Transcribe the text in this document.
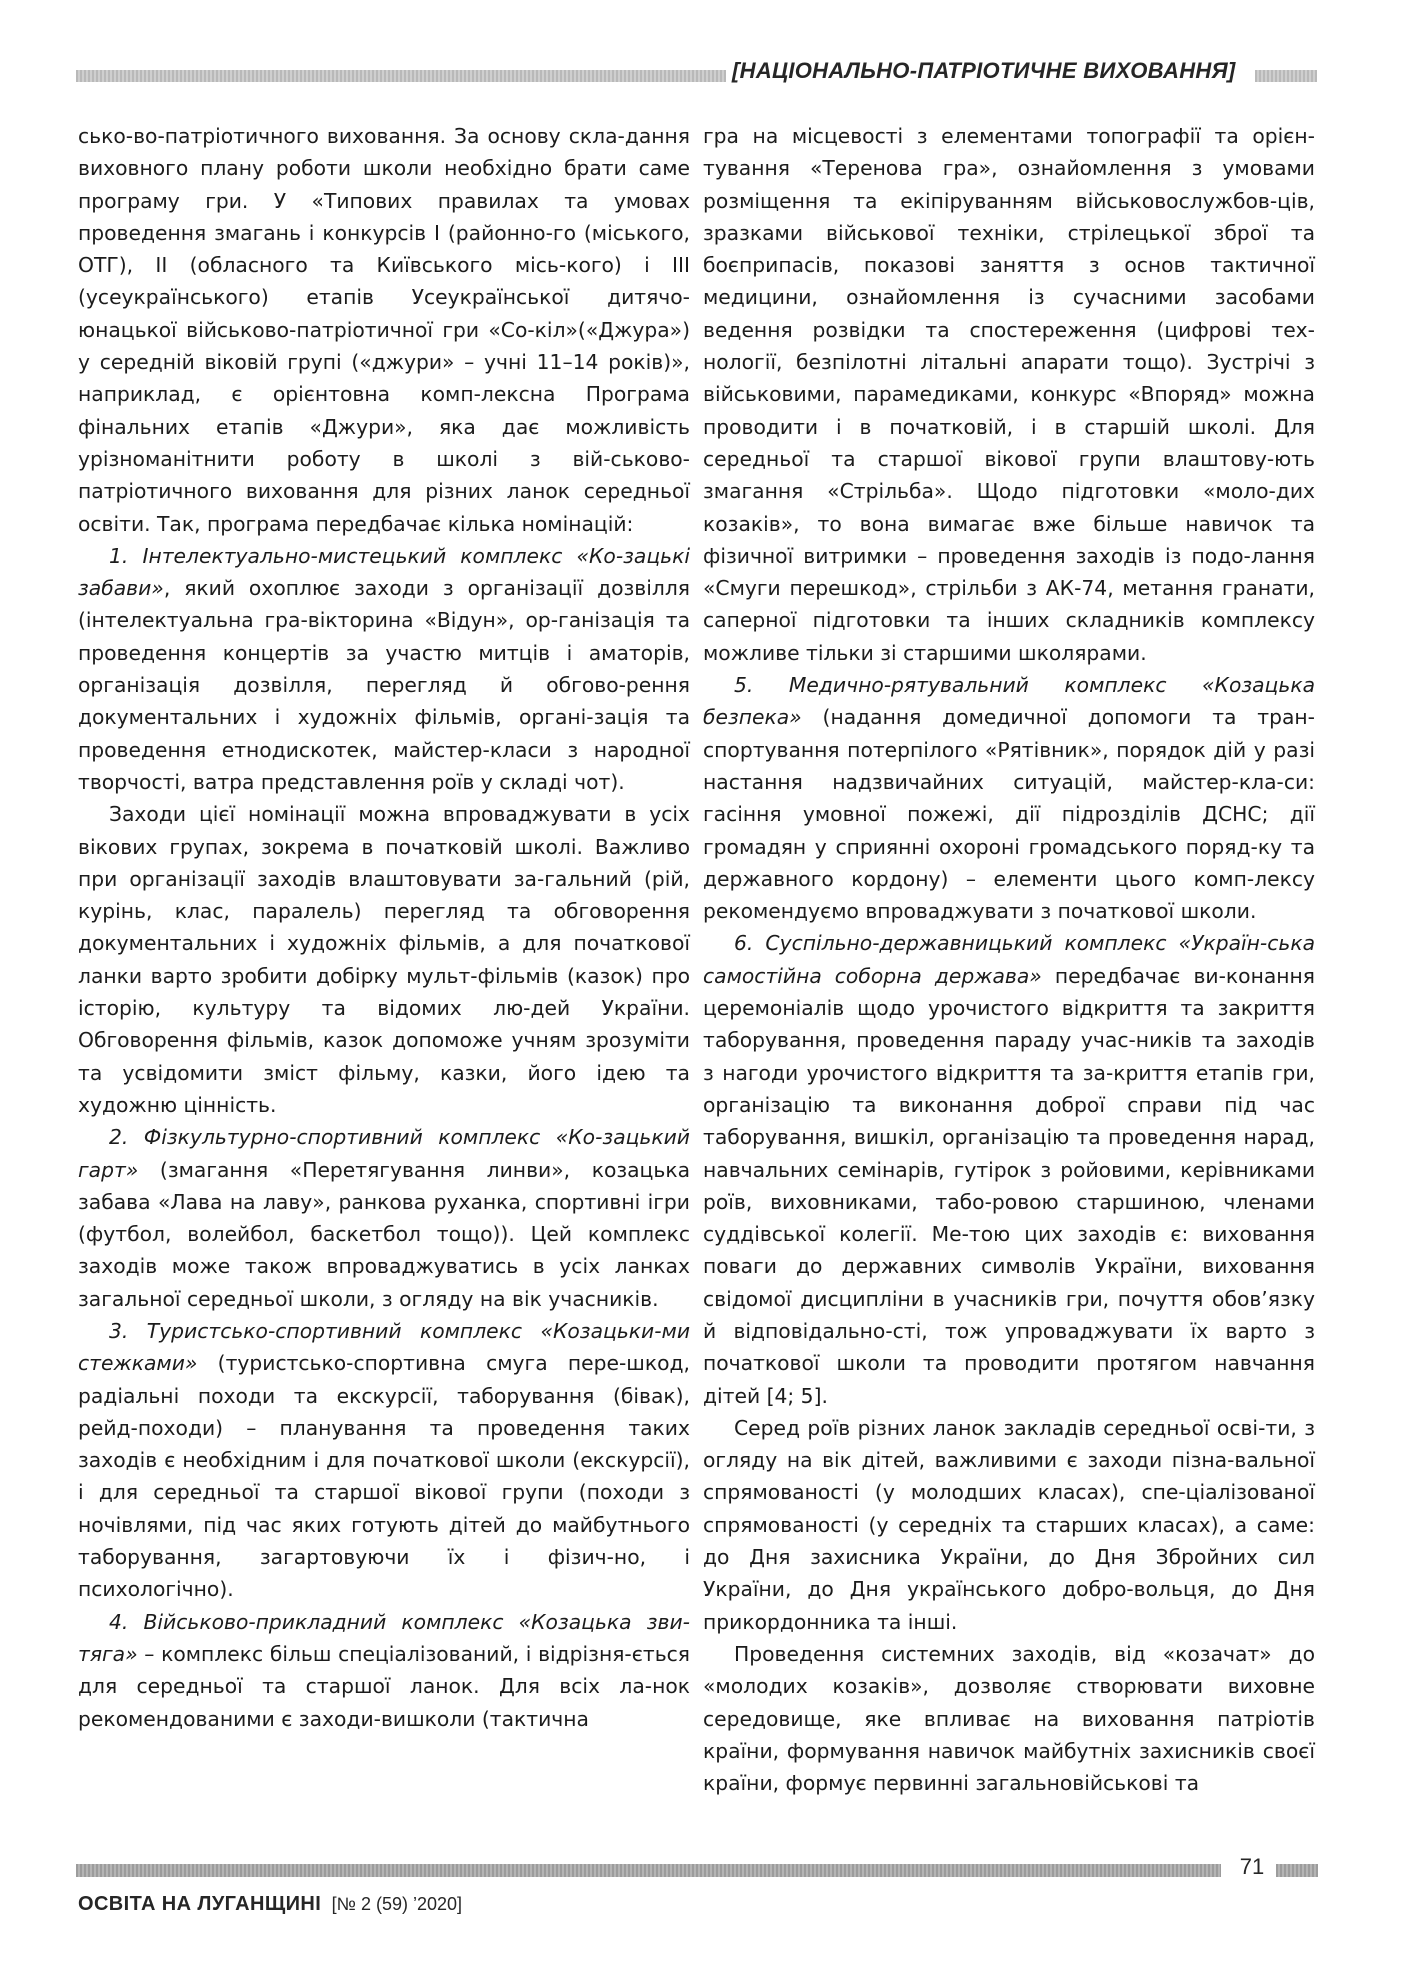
[НАЦІОНАЛЬНО-ПАТРІОТИЧНЕ ВИХОВАННЯ]

сько-во-патріотичного виховання. За основу скла-дання виховного плану роботи школи необхідно брати саме програму гри. У «Типових правилах та умовах проведення змагань і конкурсів І (районно-го (міського, ОТГ), ІІ (обласного та Київського місь-кого) і ІІІ (усеукраїнського) етапів Усеукраїнської дитячо-юнацької військово-патріотичної гри «Со-кіл»(«Джура») у середній віковій групі («джури» – учні 11–14 років)», наприклад, є орієнтовна комп-лексна Програма фінальних етапів «Джури», яка дає можливість урізноманітнити роботу в школі з вій-ськово-патріотичного виховання для різних ланок середньої освіти. Так, програма передбачає кілька номінацій:

1. Інтелектуально-мистецький комплекс «Ко-зацькі забави», який охоплює заходи з організації дозвілля (інтелектуальна гра-вікторина «Відун», ор-ганізація та проведення концертів за участю митців і аматорів, організація дозвілля, перегляд й обгово-рення документальних і художніх фільмів, органі-зація та проведення етнодискотек, майстер-класи з народної творчості, ватра представлення роїв у складі чот).

Заходи цієї номінації можна впроваджувати в усіх вікових групах, зокрема в початковій школі. Важливо при організації заходів влаштовувати за-гальний (рій, курінь, клас, паралель) перегляд та обговорення документальних і художніх фільмів, а для початкової ланки варто зробити добірку мульт-фільмів (казок) про історію, культуру та відомих лю-дей України. Обговорення фільмів, казок допоможе учням зрозуміти та усвідомити зміст фільму, казки, його ідею та художню цінність.

2. Фізкультурно-спортивний комплекс «Ко-зацький гарт» (змагання «Перетягування линви», козацька забава «Лава на лаву», ранкова руханка, спортивні ігри (футбол, волейбол, баскетбол тощо)). Цей комплекс заходів може також впроваджуватись в усіх ланках загальної середньої школи, з огляду на вік учасників.

3. Туристсько-спортивний комплекс «Козацьки-ми стежками» (туристсько-спортивна смуга пере-шкод, радіальні походи та екскурсії, таборування (бівак), рейд-походи) – планування та проведення таких заходів є необхідним і для початкової школи (екскурсії), і для середньої та старшої вікової групи (походи з ночівлями, під час яких готують дітей до майбутнього таборування, загартовуючи їх і фізич-но, і психологічно).

4. Військово-прикладний комплекс «Козацька зви-тяга» – комплекс більш спеціалізований, і відрізня-ється для середньої та старшої ланок. Для всіх ла-нок рекомендованими є заходи-вишколи (тактична

гра на місцевості з елементами топографії та орієн-тування «Теренова гра», ознайомлення з умовами розміщення та екіпіруванням військовослужбов-ців, зразками військової техніки, стрілецької зброї та боєприпасів, показові заняття з основ тактичної медицини, ознайомлення із сучасними засобами ведення розвідки та спостереження (цифрові тех-нології, безпілотні літальні апарати тощо). Зустрічі з військовими, парамедиками, конкурс «Впоряд» можна проводити і в початковій, і в старшій школі. Для середньої та старшої вікової групи влаштову-ють змагання «Стрільба». Щодо підготовки «моло-дих козаків», то вона вимагає вже більше навичок та фізичної витримки – проведення заходів із подо-лання «Смуги перешкод», стрільби з АК-74, метання гранати, саперної підготовки та інших складників комплексу можливе тільки зі старшими школярами.

5. Медично-рятувальний комплекс «Козацька безпека» (надання домедичної допомоги та тран-спортування потерпілого «Рятівник», порядок дій у разі настання надзвичайних ситуацій, майстер-кла-си: гасіння умовної пожежі, дії підрозділів ДСНС; дії громадян у сприянні охороні громадського поряд-ку та державного кордону) – елементи цього комп-лексу рекомендуємо впроваджувати з початкової школи.

6. Суспільно-державницький комплекс «Україн-ська самостійна соборна держава» передбачає ви-конання церемоніалів щодо урочистого відкриття та закриття таборування, проведення параду учас-ників та заходів з нагоди урочистого відкриття та за-криття етапів гри, організацію та виконання доброї справи під час таборування, вишкіл, організацію та проведення нарад, навчальних семінарів, гутірок з ройовими, керівниками роїв, виховниками, табо-ровою старшиною, членами суддівської колегії. Ме-тою цих заходів є: виховання поваги до державних символів України, виховання свідомої дисципліни в учасників гри, почуття обов’язку й відповідально-сті, тож упроваджувати їх варто з початкової школи та проводити протягом навчання дітей [4; 5].

Серед роїв різних ланок закладів середньої осві-ти, з огляду на вік дітей, важливими є заходи пізна-вальної спрямованості (у молодших класах), спе-ціалізованої спрямованості (у середніх та старших класах), а саме: до Дня захисника України, до Дня Збройних сил України, до Дня українського добро-вольця, до Дня прикордонника та інші.

Проведення системних заходів, від «козачат» до «молодих козаків», дозволяє створювати виховне середовище, яке впливає на виховання патріотів країни, формування навичок майбутніх захисників своєї країни, формує первинні загальновійськові та

71
ОСВІТА НА ЛУГАНЩИНІ [№ 2 (59) ’2020]
